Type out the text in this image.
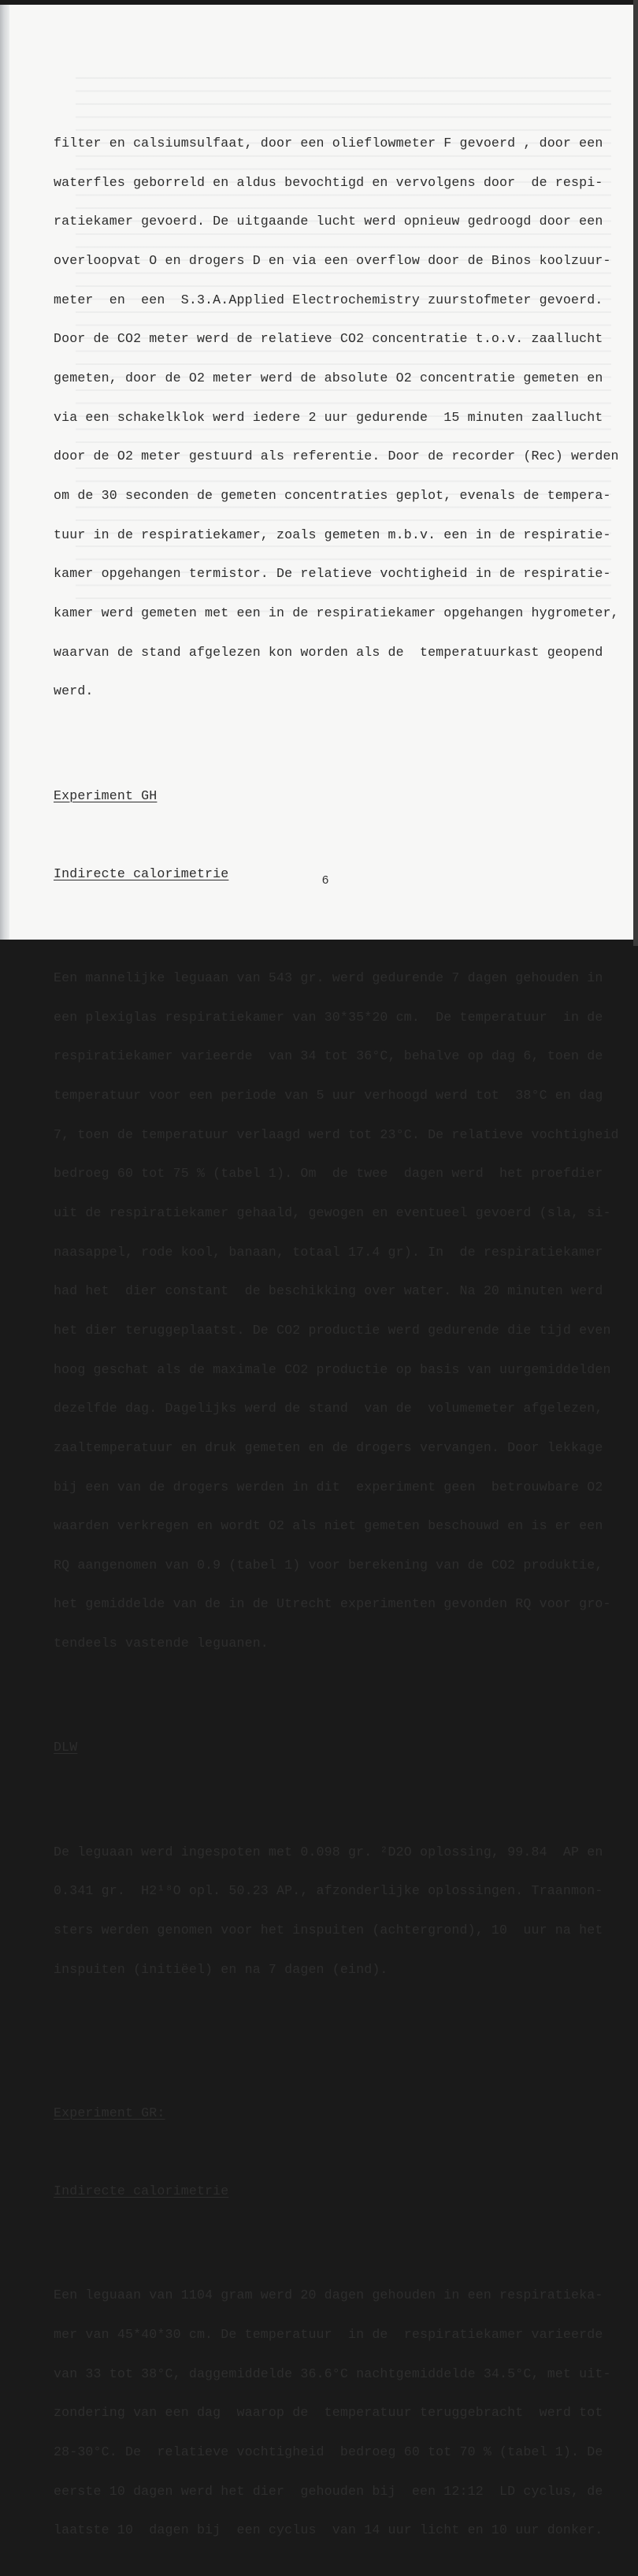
filter en calsiumsulfaat, door een olieflowmeter F gevoerd , door een

waterfles geborreld en aldus bevochtigd en vervolgens door  de respi-

ratiekamer gevoerd. De uitgaande lucht werd opnieuw gedroogd door een

overloopvat O en drogers D en via een overflow door de Binos koolzuur-

meter  en  een  S.3.A.Applied Electrochemistry zuurstofmeter gevoerd.

Door de CO2 meter werd de relatieve CO2 concentratie t.o.v. zaallucht

gemeten, door de O2 meter werd de absolute O2 concentratie gemeten en

via een schakelklok werd iedere 2 uur gedurende  15 minuten zaallucht

door de O2 meter gestuurd als referentie. Door de recorder (Rec) werden

om de 30 seconden de gemeten concentraties geplot, evenals de tempera-

tuur in de respiratiekamer, zoals gemeten m.b.v. een in de respiratie-

kamer opgehangen termistor. De relatieve vochtigheid in de respiratie-

kamer werd gemeten met een in de respiratiekamer opgehangen hygrometer,

waarvan de stand afgelezen kon worden als de  temperatuurkast geopend

werd.

Experiment GH

Indirecte calorimetrie

Een mannelijke leguaan van 543 gr. werd gedurende 7 dagen gehouden in

een plexiglas respiratiekamer van 30*35*20 cm.  De temperatuur  in de

respiratiekamer varieerde  van 34 tot 36°C, behalve op dag 6, toen de

temperatuur voor een periode van 5 uur verhoogd werd tot  38°C en dag

7, toen de temperatuur verlaagd werd tot 23°C. De relatieve vochtigheid

bedroeg 60 tot 75 % (tabel 1). Om  de twee  dagen werd  het proefdier

uit de respiratiekamer gehaald, gewogen en eventueel gevoerd (sla, si-

naasappel, rode kool, banaan, totaal 17.4 gr). In  de respiratiekamer

had het  dier constant  de beschikking over water. Na 20 minuten werd

het dier teruggeplaatst. De CO2 productie werd gedurende die tijd even

hoog geschat als de maximale CO2 productie op basis van uurgemiddelden

dezelfde dag. Dagelijks werd de stand  van de  volumemeter afgelezen,

zaaltemperatuur en druk gemeten en de drogers vervangen. Door lekkage

bij een van de drogers werden in dit  experiment geen  betrouwbare O2

waarden verkregen en wordt O2 als niet gemeten beschouwd en is er een

RQ aangenomen van 0.9 (tabel 1) voor berekening van de CO2 produktie,

het gemiddelde van de in de Utrecht experimenten gevonden RQ voor gro-

tendeels vastende leguanen.

DLW

De leguaan werd ingespoten met 0.098 gr. ²D2O oplossing, 99.84  AP en

0.341 gr.  H2¹⁸O opl. 50.23 AP., afzonderlijke oplossingen. Traanmon-

sters werden genomen voor het inspuiten (achtergrond), 10  uur na het

inspuiten (initiëel) en na 7 dagen (eind).

Experiment GR:

Indirecte calorimetrie

Een leguaan van 1104 gram werd 20 dagen gehouden in een respiratieka-

mer van 45*40*30 cm. De temperatuur  in de  respiratiekamer varieerde

van 33 tot 38°C, daggemiddelde 36.6°C nachtgemiddelde 34.5°C, met uit-

zondering van een dag  waarop de  temperatuur teruggebracht  werd tot

28-30°C. De  relatieve vochtigheid  bedroeg 60 tot 70 % (tabel 1). De

eerste 10 dagen werd het dier  gehouden bij  een 12:12  LD cyclus, de

laatste 10  dagen bij  een cyclus  van 14 uur licht en 10 uur donker.

6
